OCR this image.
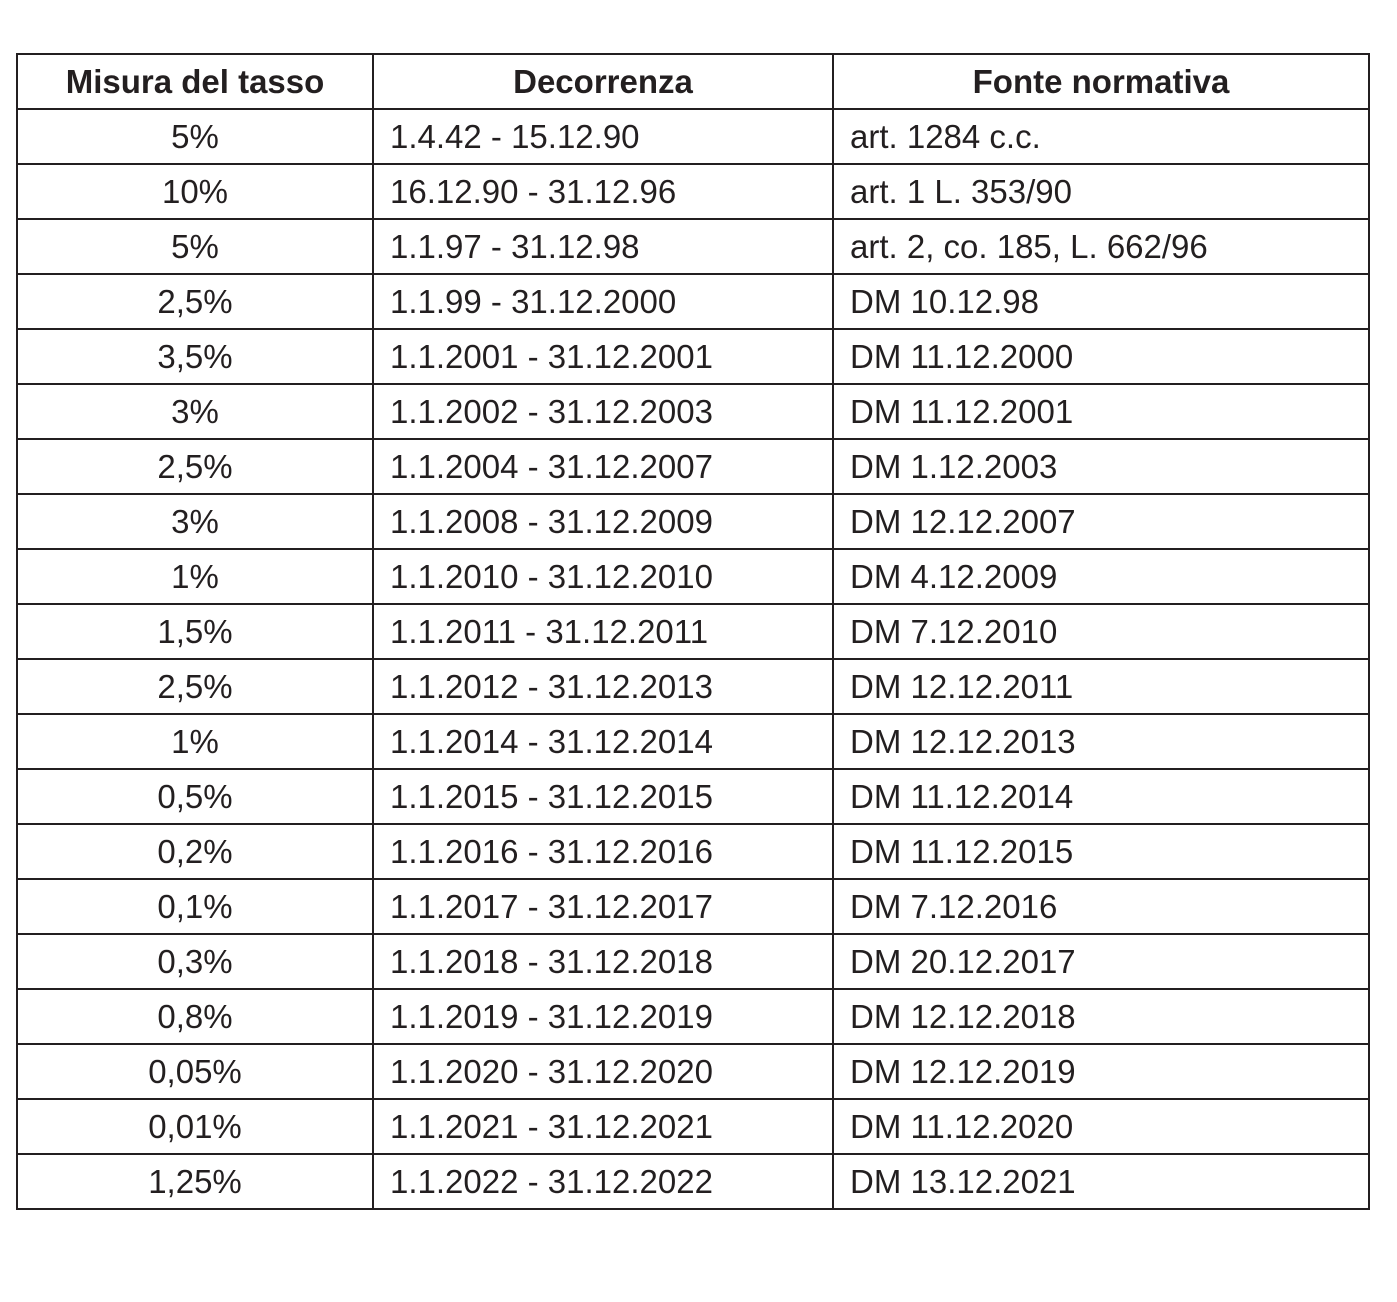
Misura del tasso	Decorrenza	Fonte normativa
5%	1.4.42 - 15.12.90	art. 1284 c.c.
10%	16.12.90 - 31.12.96	art. 1 L. 353/90
5%	1.1.97 - 31.12.98	art. 2, co. 185, L. 662/96
2,5%	1.1.99 - 31.12.2000	DM 10.12.98
3,5%	1.1.2001 - 31.12.2001	DM 11.12.2000
3%	1.1.2002 - 31.12.2003	DM 11.12.2001
2,5%	1.1.2004 - 31.12.2007	DM 1.12.2003
3%	1.1.2008 - 31.12.2009	DM 12.12.2007
1%	1.1.2010 - 31.12.2010	DM 4.12.2009
1,5%	1.1.2011 - 31.12.2011	DM 7.12.2010
2,5%	1.1.2012 - 31.12.2013	DM 12.12.2011
1%	1.1.2014 - 31.12.2014	DM 12.12.2013
0,5%	1.1.2015 - 31.12.2015	DM 11.12.2014
0,2%	1.1.2016 - 31.12.2016	DM 11.12.2015
0,1%	1.1.2017 - 31.12.2017	DM 7.12.2016
0,3%	1.1.2018 - 31.12.2018	DM 20.12.2017
0,8%	1.1.2019 - 31.12.2019	DM 12.12.2018
0,05%	1.1.2020 - 31.12.2020	DM 12.12.2019
0,01%	1.1.2021 - 31.12.2021	DM 11.12.2020
1,25%	1.1.2022 - 31.12.2022	DM 13.12.2021
